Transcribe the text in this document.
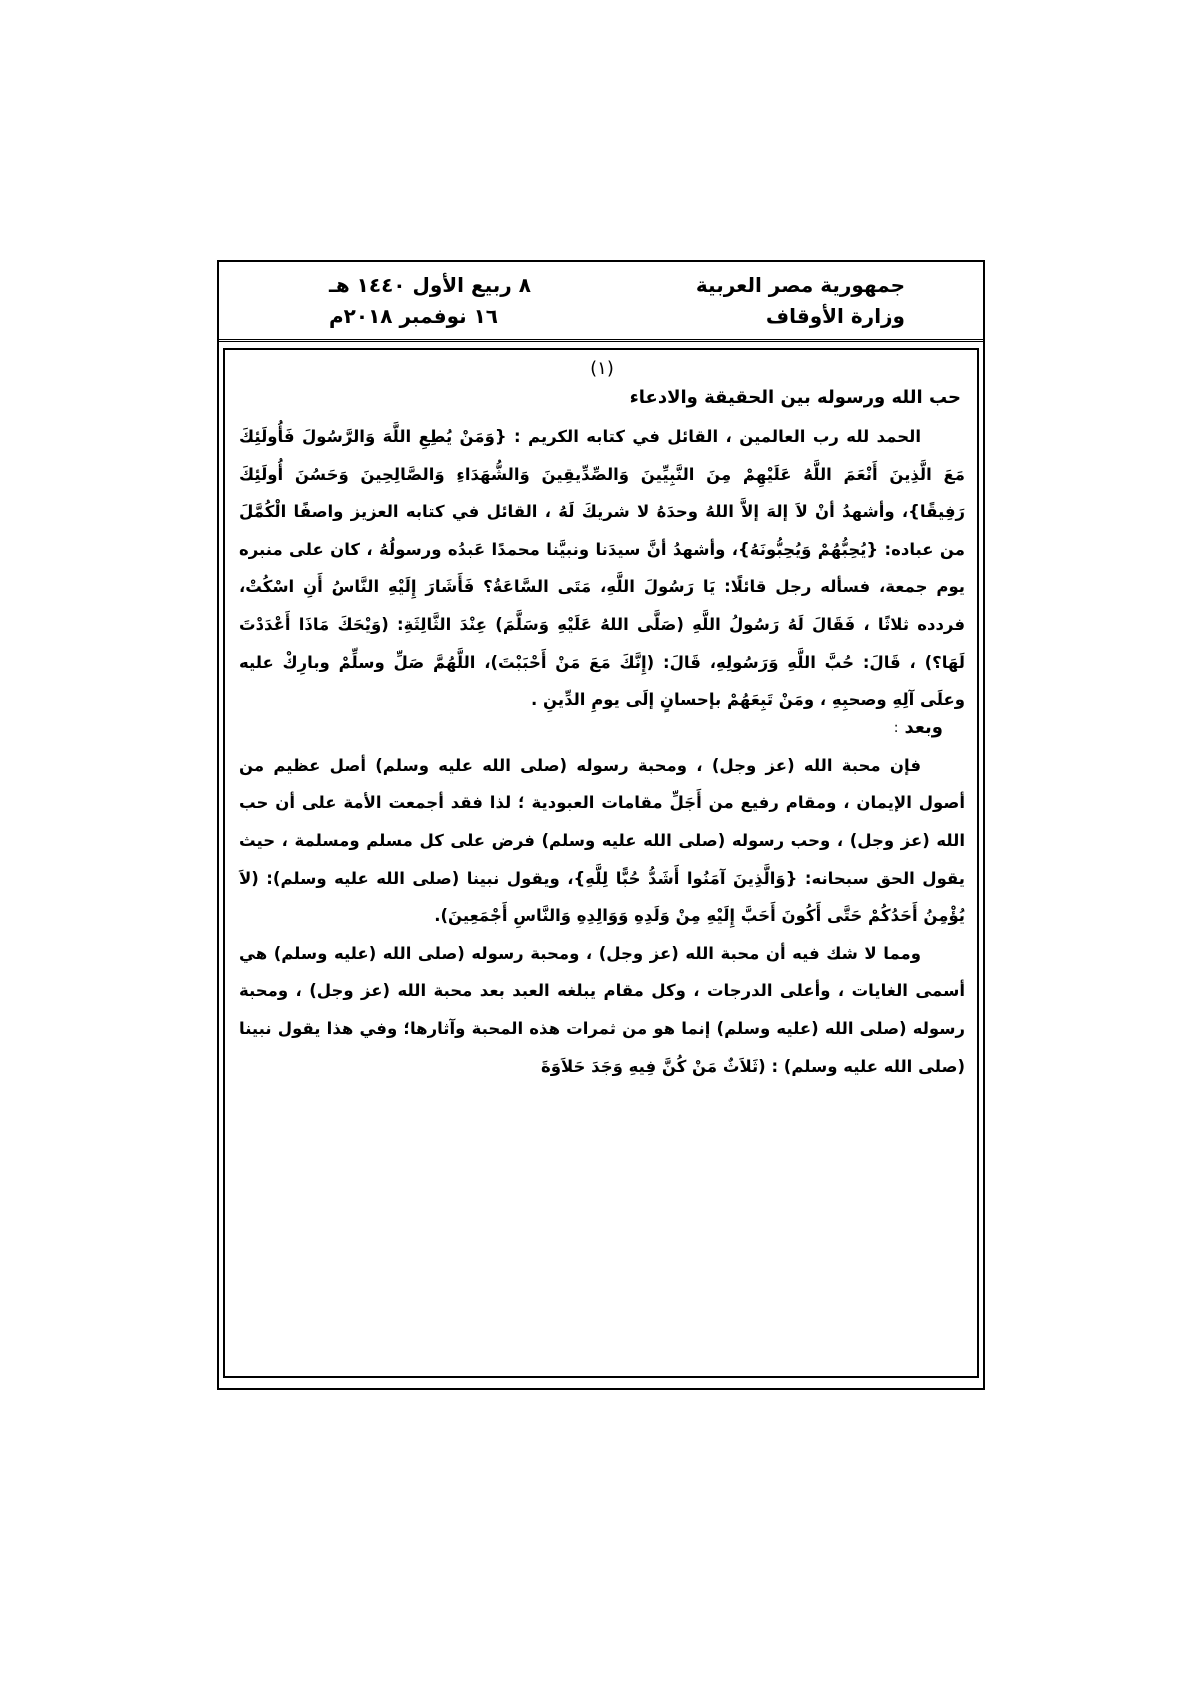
جمهورية مصر العربية
وزارة الأوقاف
٨ ربيع الأول ١٤٤٠ هـ
١٦ نوفمبر ٢٠١٨م
(١)
حب الله ورسوله بين الحقيقة والادعاء

الحمد لله رب العالمين ، القائل في كتابه الكريم : {وَمَنْ يُطِعِ اللَّهَ وَالرَّسُولَ فَأُولَئِكَ مَعَ الَّذِينَ أَنْعَمَ اللَّهُ عَلَيْهِمْ مِنَ النَّبِيِّينَ وَالصِّدِّيقِينَ وَالشُّهَدَاءِ وَالصَّالِحِينَ وَحَسُنَ أُولَئِكَ رَفِيقًا}، وأشهدُ أنْ لاَ إلهَ إلاَّ اللهُ وحدَهُ لا شريكَ لَهُ ، القائل في كتابه العزيز واصفًا الْكُمَّلَ من عباده: {يُحِبُّهُمْ وَيُحِبُّونَهُ}، وأشهدُ أنَّ سيدَنا ونبيَّنا محمدًا عَبدُه ورسولُهُ ، كان على منبره يوم جمعة، فسأله رجل قائلًا: يَا رَسُولَ اللَّهِ، مَتَى السَّاعَةُ؟ فَأَشَارَ إِلَيْهِ النَّاسُ أَنِ اسْكُتْ، فردده ثلاثًا ، فَقَالَ لَهُ رَسُولُ اللَّهِ (صَلَّى اللهُ عَلَيْهِ وَسَلَّمَ) عِنْدَ الثَّالِثَةِ: (وَيْحَكَ مَاذَا أَعْدَدْتَ لَهَا؟) ، قَالَ: حُبَّ اللَّهِ وَرَسُولِهِ، قَالَ: (إِنَّكَ مَعَ مَنْ أَحْبَبْتَ)، اللَّهُمَّ صَلِّ وسلِّمْ وبارِكْ عليه وعلَى آلِهِ وصحبِهِ ، ومَنْ تَبِعَهُمْ بإحسانٍ إلَى يومِ الدِّينِ .

وبعد
:

فإن محبة الله (عز وجل) ، ومحبة رسوله (صلى الله عليه وسلم) أصل عظيم من أصول الإيمان ، ومقام رفيع من أَجَلِّ مقامات العبودية ؛ لذا فقد أجمعت الأمة على أن حب الله (عز وجل) ، وحب رسوله (صلى الله عليه وسلم) فرض على كل مسلم ومسلمة ، حيث يقول الحق سبحانه: {وَالَّذِينَ آمَنُوا أَشَدُّ حُبًّا لِلَّهِ}، ويقول نبينا (صلى الله عليه وسلم): (لاَ يُؤْمِنُ أَحَدُكُمْ حَتَّى أَكُونَ أَحَبَّ إِلَيْهِ مِنْ وَلَدِهِ وَوَالِدِهِ وَالنَّاسِ أَجْمَعِينَ).

ومما لا شك فيه أن محبة الله (عز وجل) ، ومحبة رسوله (صلى الله (عليه وسلم) هي أسمى الغايات ، وأعلى الدرجات ، وكل مقام يبلغه العبد بعد محبة الله (عز وجل) ، ومحبة رسوله (صلى الله (عليه وسلم) إنما هو من ثمرات هذه المحبة وآثارها؛ وفي هذا يقول نبينا (صلى الله عليه وسلم) : (ثَلاَثٌ مَنْ كُنَّ فِيهِ وَجَدَ حَلاَوَةَ
